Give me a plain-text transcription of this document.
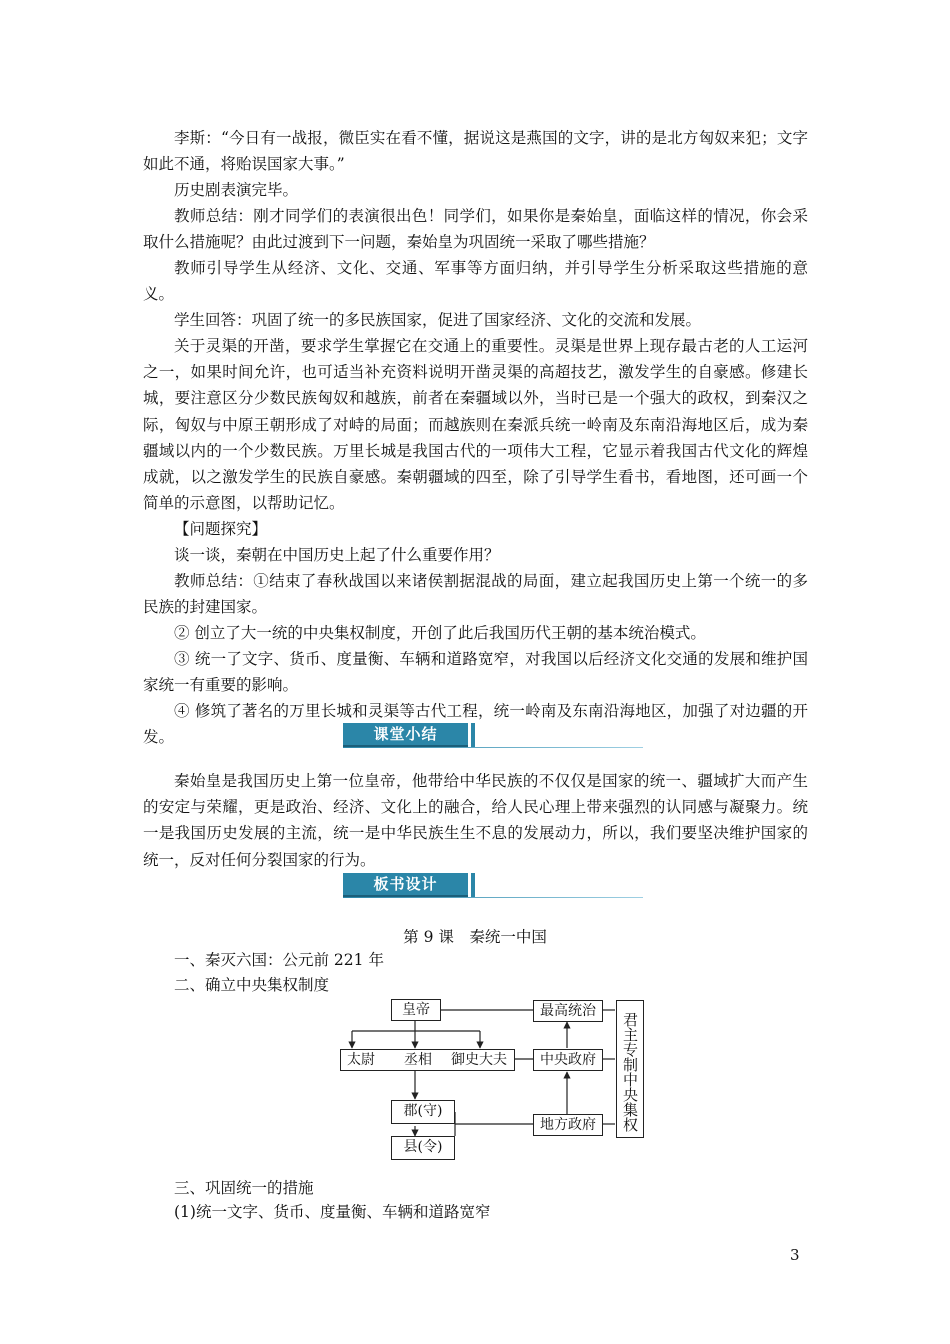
李斯：“今日有一战报，微臣实在看不懂，据说这是燕国的文字，讲的是北方匈奴来犯；文字如此不通，将贻误国家大事。”

历史剧表演完毕。

教师总结：刚才同学们的表演很出色！同学们，如果你是秦始皇，面临这样的情况，你会采取什么措施呢？由此过渡到下一问题，秦始皇为巩固统一采取了哪些措施？

教师引导学生从经济、文化、交通、军事等方面归纳，并引导学生分析采取这些措施的意义。

学生回答：巩固了统一的多民族国家，促进了国家经济、文化的交流和发展。

关于灵渠的开凿，要求学生掌握它在交通上的重要性。灵渠是世界上现存最古老的人工运河之一，如果时间允许，也可适当补充资料说明开凿灵渠的高超技艺，激发学生的自豪感。修建长城，要注意区分少数民族匈奴和越族，前者在秦疆域以外，当时已是一个强大的政权，到秦汉之际，匈奴与中原王朝形成了对峙的局面；而越族则在秦派兵统一岭南及东南沿海地区后，成为秦疆域以内的一个少数民族。万里长城是我国古代的一项伟大工程，它显示着我国古代文化的辉煌成就，以之激发学生的民族自豪感。秦朝疆域的四至，除了引导学生看书，看地图，还可画一个简单的示意图，以帮助记忆。

【问题探究】

谈一谈，秦朝在中国历史上起了什么重要作用？

教师总结：①结束了春秋战国以来诸侯割据混战的局面，建立起我国历史上第一个统一的多民族的封建国家。

② 创立了大一统的中央集权制度，开创了此后我国历代王朝的基本统治模式。

③ 统一了文字、货币、度量衡、车辆和道路宽窄，对我国以后经济文化交通的发展和维护国家统一有重要的影响。

④ 修筑了著名的万里长城和灵渠等古代工程，统一岭南及东南沿海地区，加强了对边疆的开发。	课堂小结

秦始皇是我国历史上第一位皇帝，他带给中华民族的不仅仅是国家的统一、疆域扩大而产生的安定与荣耀，更是政治、经济、文化上的融合，给人民心理上带来强烈的认同感与凝聚力。统一是我国历史发展的主流，统一是中华民族生生不息的发展动力，所以，我们要坚决维护国家的统一，反对任何分裂国家的行为。

板书设计

第 9 课　秦统一中国

一、秦灭六国：公元前 221 年

二、确立中央集权制度

皇帝
太尉 丞相 御史大夫
郡(守)
县(令)
最高统治
中央政府
地方政府	君主专制中央集权

三、巩固统一的措施

(1)统一文字、货币、度量衡、车辆和道路宽窄

3
